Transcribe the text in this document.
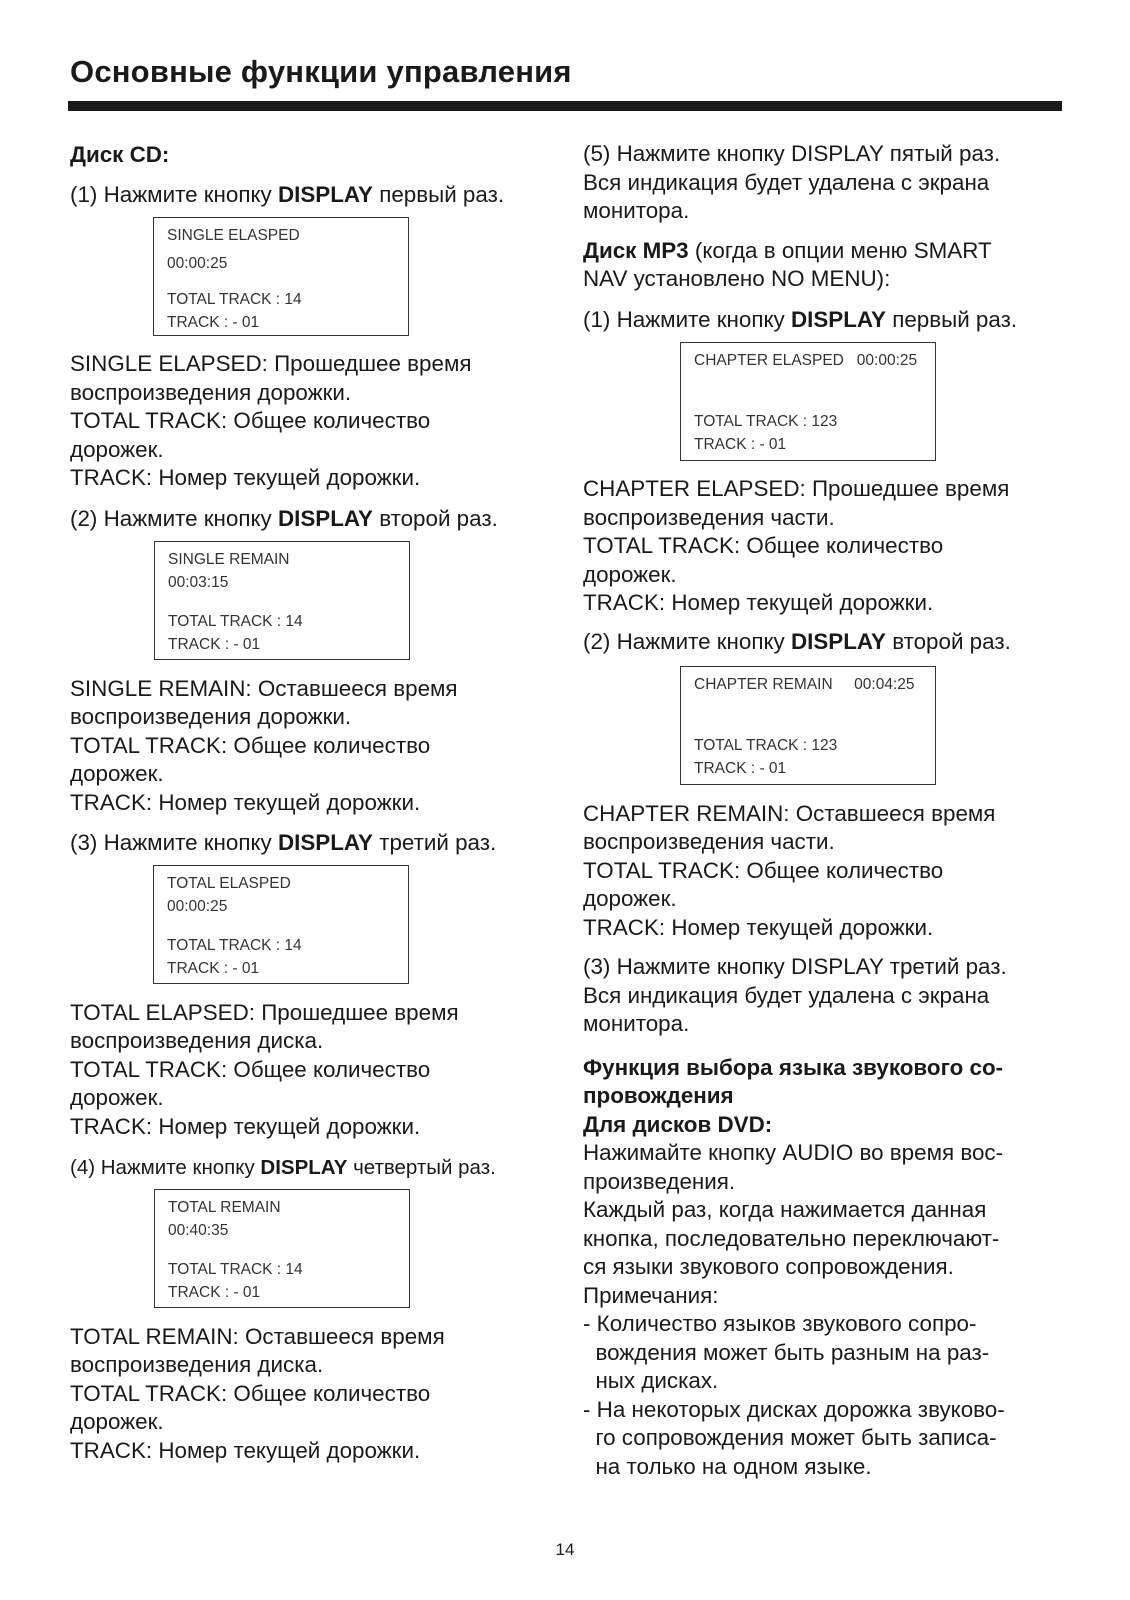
Основные функции управления

Диск CD:

(1) Нажмите кнопку DISPLAY первый раз.

SINGLE ELASPED
00:00:25
TOTAL TRACK : 14
TRACK : - 01

SINGLE ELAPSED: Прошедшее время

воспроизведения дорожки.

TOTAL TRACK: Общее количество

дорожек.

TRACK: Номер текущей дорожки.

(2) Нажмите кнопку DISPLAY второй раз.

SINGLE REMAIN
00:03:15
TOTAL TRACK : 14
TRACK : - 01

SINGLE REMAIN: Оставшееся время

воспроизведения дорожки.

TOTAL TRACK: Общее количество

дорожек.

TRACK: Номер текущей дорожки.

(3) Нажмите кнопку DISPLAY третий раз.

TOTAL ELASPED
00:00:25
TOTAL TRACK : 14
TRACK : - 01

TOTAL ELAPSED: Прошедшее время

воспроизведения диска.

TOTAL TRACK: Общее количество

дорожек.

TRACK: Номер текущей дорожки.

(4) Нажмите кнопку DISPLAY четвертый раз.

TOTAL REMAIN
00:40:35
TOTAL TRACK : 14
TRACK : - 01

TOTAL REMAIN: Оставшееся время

воспроизведения диска.

TOTAL TRACK: Общее количество

дорожек.

TRACK: Номер текущей дорожки.

(5) Нажмите кнопку DISPLAY пятый раз.

Вся индикация будет удалена с экрана

монитора.

Диск MP3 (когда в опции меню SMART

NAV установлено NO MENU):

(1) Нажмите кнопку DISPLAY первый раз.

CHAPTER ELASPED   00:00:25
TOTAL TRACK : 123
TRACK : - 01

CHAPTER ELAPSED: Прошедшее время

воспроизведения части.

TOTAL TRACK: Общее количество

дорожек.

TRACK: Номер текущей дорожки.

(2) Нажмите кнопку DISPLAY второй раз.

CHAPTER REMAIN     00:04:25
TOTAL TRACK : 123
TRACK : - 01

CHAPTER REMAIN: Оставшееся время

воспроизведения части.

TOTAL TRACK: Общее количество

дорожек.

TRACK: Номер текущей дорожки.

(3) Нажмите кнопку DISPLAY третий раз.

Вся индикация будет удалена с экрана

монитора.

Функция выбора языка звукового со-

провождения

Для дисков DVD:

Нажимайте кнопку AUDIO во время вос-

произведения.

Каждый раз, когда нажимается данная

кнопка, последовательно переключают-

ся языки звукового сопровождения.

Примечания:

- Количество языков звукового сопро-

вождения может быть разным на раз-

ных дисках.

- На некоторых дисках дорожка звуково-

го сопровождения может быть записа-

на только на одном языке.

14
